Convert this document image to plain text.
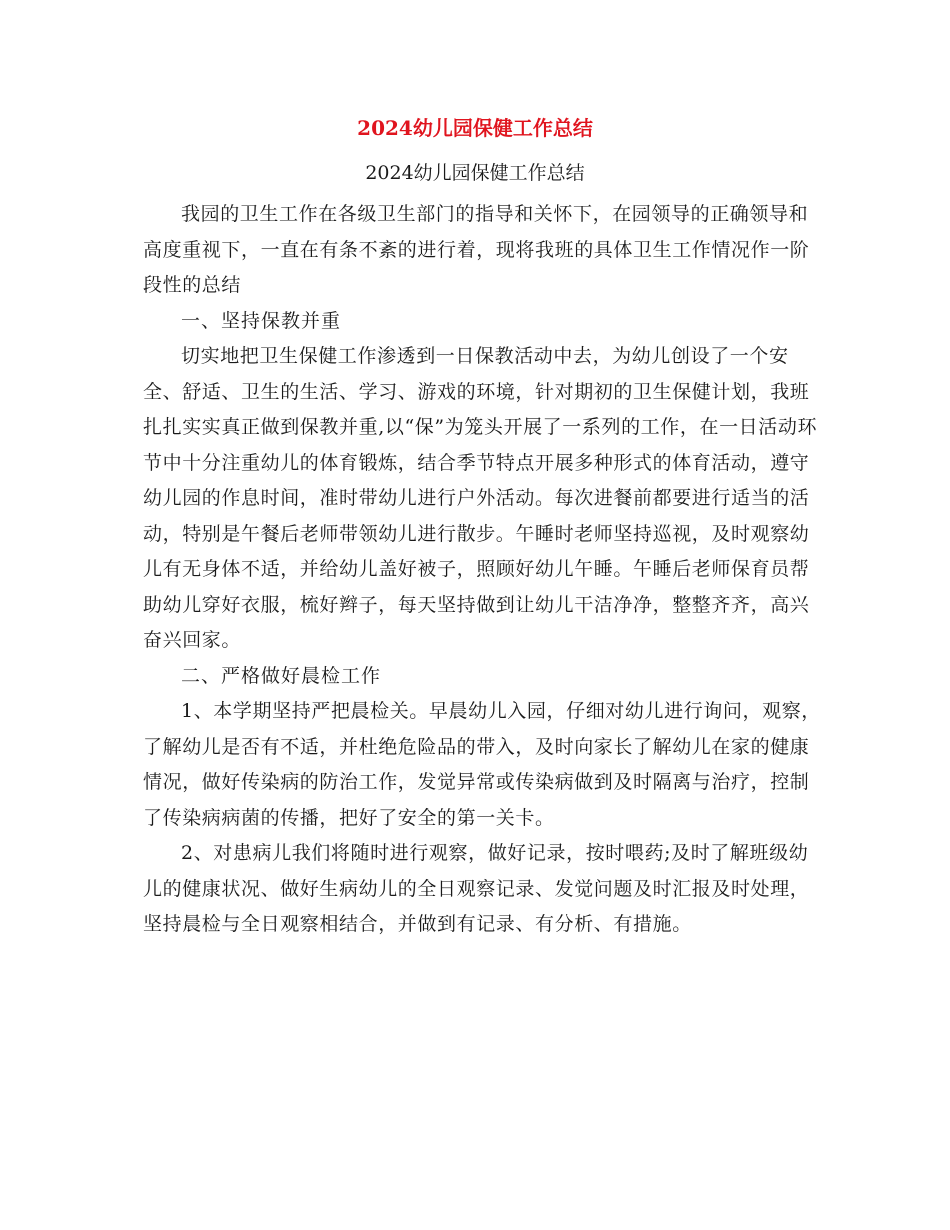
2024幼儿园保健工作总结
2024幼儿园保健工作总结

我园的卫生工作在各级卫生部门的指导和关怀下，在园领导的正确领导和高度重视下，一直在有条不紊的进行着，现将我班的具体卫生工作情况作一阶段性的总结

一、坚持保教并重

切实地把卫生保健工作渗透到一日保教活动中去，为幼儿创设了一个安全、舒适、卫生的生活、学习、游戏的环境，针对期初的卫生保健计划，我班扎扎实实真正做到保教并重,以“保”为笼头开展了一系列的工作，在一日活动环节中十分注重幼儿的体育锻炼，结合季节特点开展多种形式的体育活动，遵守幼儿园的作息时间，准时带幼儿进行户外活动。每次进餐前都要进行适当的活动，特别是午餐后老师带领幼儿进行散步。午睡时老师坚持巡视，及时观察幼儿有无身体不适，并给幼儿盖好被子，照顾好幼儿午睡。午睡后老师保育员帮助幼儿穿好衣服，梳好辫子，每天坚持做到让幼儿干洁净净，整整齐齐，高兴奋兴回家。

二、严格做好晨检工作

1、本学期坚持严把晨检关。早晨幼儿入园，仔细对幼儿进行询问，观察，了解幼儿是否有不适，并杜绝危险品的带入，及时向家长了解幼儿在家的健康情况，做好传染病的防治工作，发觉异常或传染病做到及时隔离与治疗，控制了传染病病菌的传播，把好了安全的第一关卡。

2、对患病儿我们将随时进行观察，做好记录，按时喂药;及时了解班级幼儿的健康状况、做好生病幼儿的全日观察记录、发觉问题及时汇报及时处理，坚持晨检与全日观察相结合，并做到有记录、有分析、有措施。
